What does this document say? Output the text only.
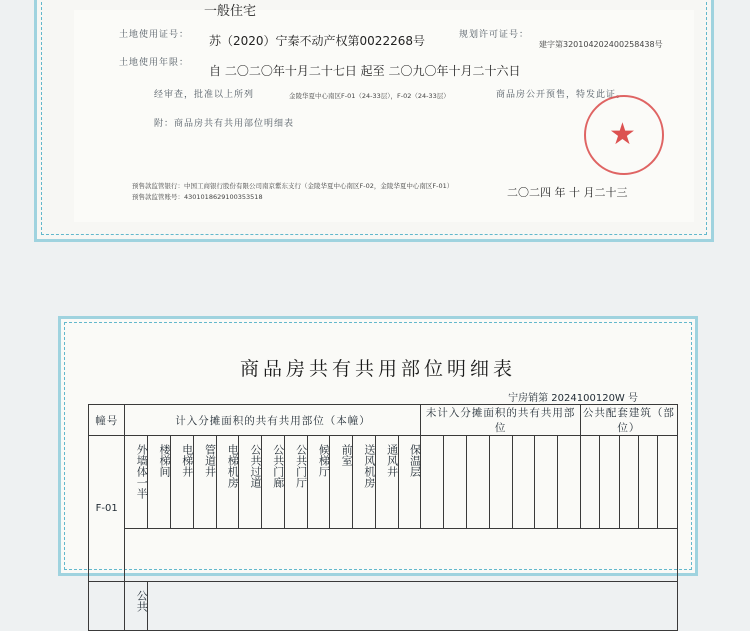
一般住宅
土地使用证号： 苏（2020）宁秦不动产权第0022268号	规划许可证号：
建字第320104202400258438号
土地使用年限：
自 二〇二〇年十月二十七日 起至 二〇九〇年十月二十六日
经审查，批准以上所列	金陵华夏中心南区F-01（24-33层），F-02（24-33层）	商品房公开预售，特发此证。
附：商品房共有共用部位明细表
预售款监管银行：中国工商银行股份有限公司南京紫东支行（金陵华夏中心南区F-02，金陵华夏中心南区F-01）
预售款监管账号：4301018629100353518	二〇二四 年 十 月二十三
★
商品房共有共用部位明细表
宁房销第 2024100120W 号
幢号	计入分摊面积的共有共用部位（本幢）													未计入分摊面积的共有共用部位							公共配套建筑（部位）				
F-01	外墙体一半	楼梯间	电梯井	管道井	电梯机房	公共过道	公共门廊	公共门厅	候梯厅	前室	送风机房	通风井	保温层												

	公共																								
